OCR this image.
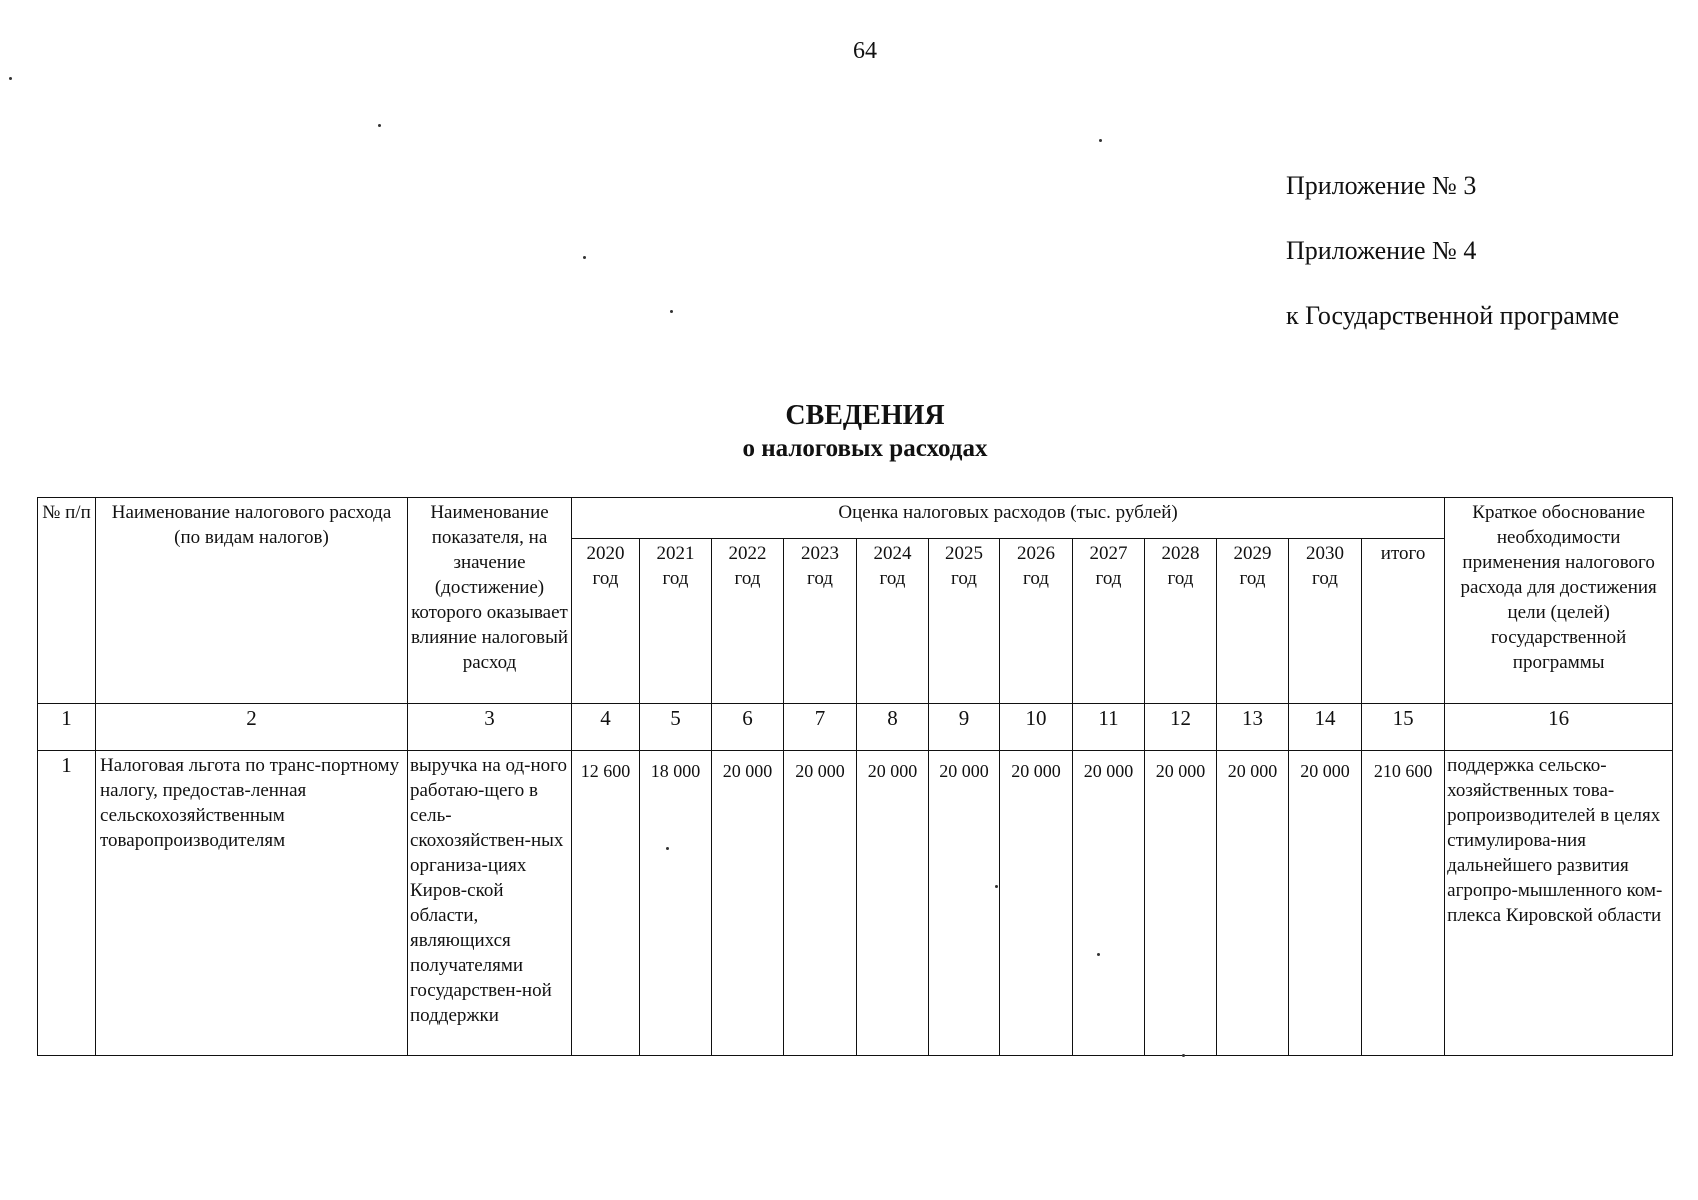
64
Приложение № 3
Приложение № 4
к Государственной программе
СВЕДЕНИЯ
о налоговых расходах
№ п/п	Наименование налогового расхода (по видам налогов)	Наименование показателя, на значение (достижение) которого оказывает влияние налоговый расход	Оценка налоговых расходов (тыс. рублей)												Краткое обоснование необходимости применения налогового расхода для достижения цели (целей) государственной программы
			2020 год	2021 год	2022 год	2023 год	2024 год	2025 год	2026 год	2027 год	2028 год	2029 год	2030 год	итого	
1	2	3	4	5	6	7	8	9	10	11	12	13	14	15	16
1	Налоговая льгота по транс-портному налогу, предостав-ленная сельскохозяйственным товаропроизводителям	выручка на од-ного работаю-щего в сель-скохозяйствен-ных организа-циях Киров-ской области, являющихся получателями государствен-ной поддержки	12 600	18 000	20 000	20 000	20 000	20 000	20 000	20 000	20 000	20 000	20 000	210 600	поддержка сельско-хозяйственных това-ропроизводителей в целях стимулирова-ния дальнейшего развития агропро-мышленного ком-плекса Кировской области
